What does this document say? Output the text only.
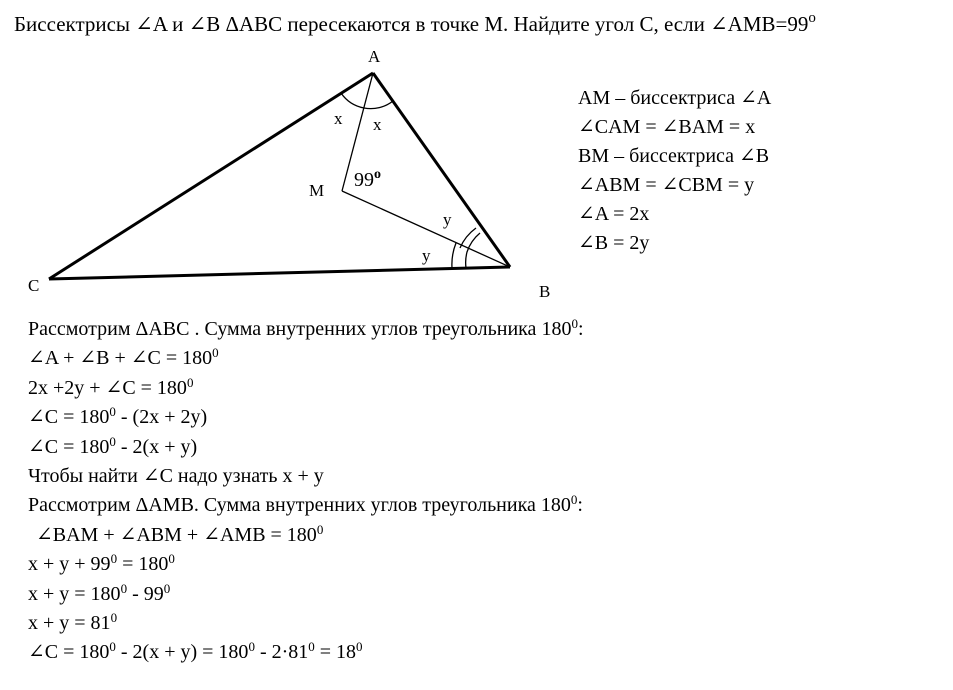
Биссектрисы ∠A и ∠B ΔABC пересекаются в точке М. Найдите угол С, если $\angle AMB=99^о$
A
B
C
M
x x
y
y
$99^о$
AM – биссектриса ∠A
∠CAM = ∠BAM = x
BM – биссектриса ∠B
∠ABM = ∠CBM = y
∠A = 2x
∠B = 2y
Рассмотрим ΔABC . Сумма внутренних углов треугольника $180^0$:
∠A + ∠B + ∠C = $180^0$
2x +2y + ∠C = $180^0$
∠C = $180^0 - (2x + 2y)$
∠C = $180^0 - 2(x + y)$
Чтобы найти ∠C надо узнать x + y
Рассмотрим ΔAMB. Сумма внутренних углов треугольника $180^0$:
∠BAM + ∠ABM + ∠AMB = $180^0$
$x + y + 99^0 = 180^0$
$x + y = 180^0 - 99^0$
$x + y = 81^0$
∠C = $180^0 - 2(x + y) = 180^0 - 2\cdot 81^0 = 18^0$
